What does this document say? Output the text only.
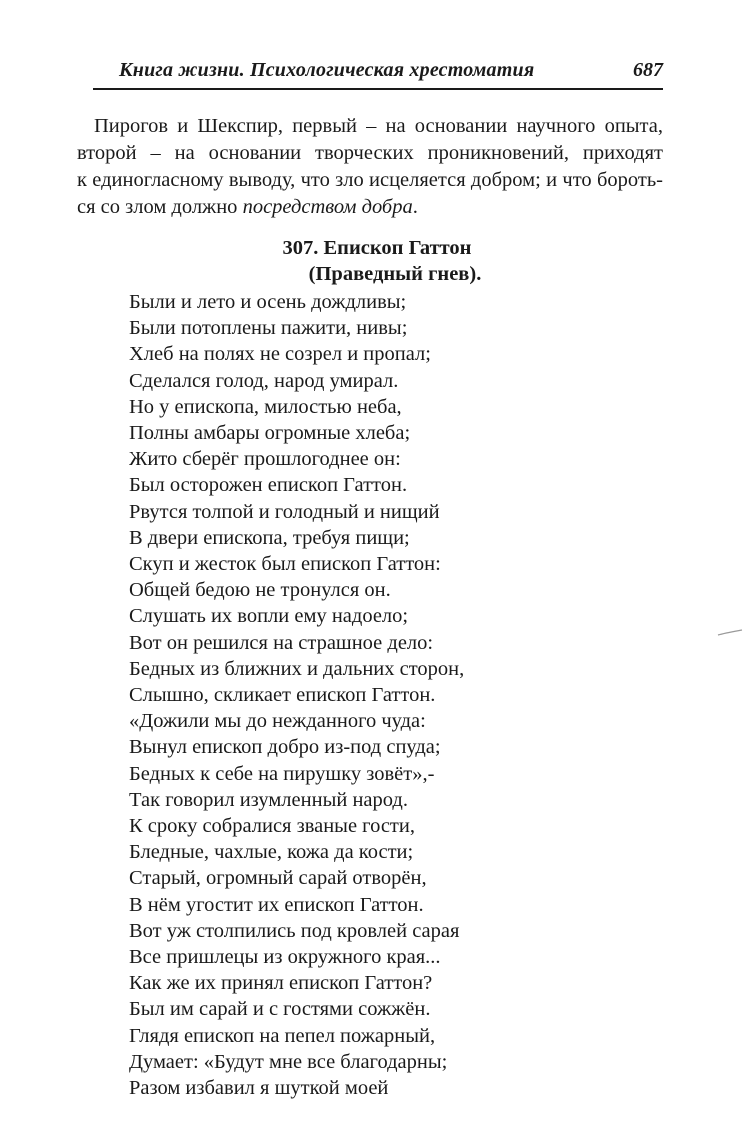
Книга жизни. Психологическая хрестоматия	687
Пирогов и Шекспир, первый – на основании научного опыта,
второй – на основании творческих проникновений, приходят
к единогласному выводу, что зло исцеляется добром; и что бороть-
ся со злом должно посредством добра.
307. Епископ Гаттон
(Праведный гнев).
Были и лето и осень дождливы;
Были потоплены пажити, нивы;
Хлеб на полях не созрел и пропал;
Сделался голод, народ умирал.
Но у епископа, милостью неба,
Полны амбары огромные хлеба;
Жито сберёг прошлогоднее он:
Был осторожен епископ Гаттон.
Рвутся толпой и голодный и нищий
В двери епископа, требуя пищи;
Скуп и жесток был епископ Гаттон:
Общей бедою не тронулся он.
Слушать их вопли ему надоело;
Вот он решился на страшное дело:
Бедных из ближних и дальних сторон,
Слышно, скликает епископ Гаттон.
«Дожили мы до нежданного чуда:
Вынул епископ добро из-под спуда;
Бедных к себе на пирушку зовёт»,-
Так говорил изумленный народ.
К сроку собралися званые гости,
Бледные, чахлые, кожа да кости;
Старый, огромный сарай отворён,
В нём угостит их епископ Гаттон.
Вот уж столпились под кровлей сарая
Все пришлецы из окружного края...
Как же их принял епископ Гаттон?
Был им сарай и с гостями сожжён.
Глядя епископ на пепел пожарный,
Думает: «Будут мне все благодарны;
Разом избавил я шуткой моей
